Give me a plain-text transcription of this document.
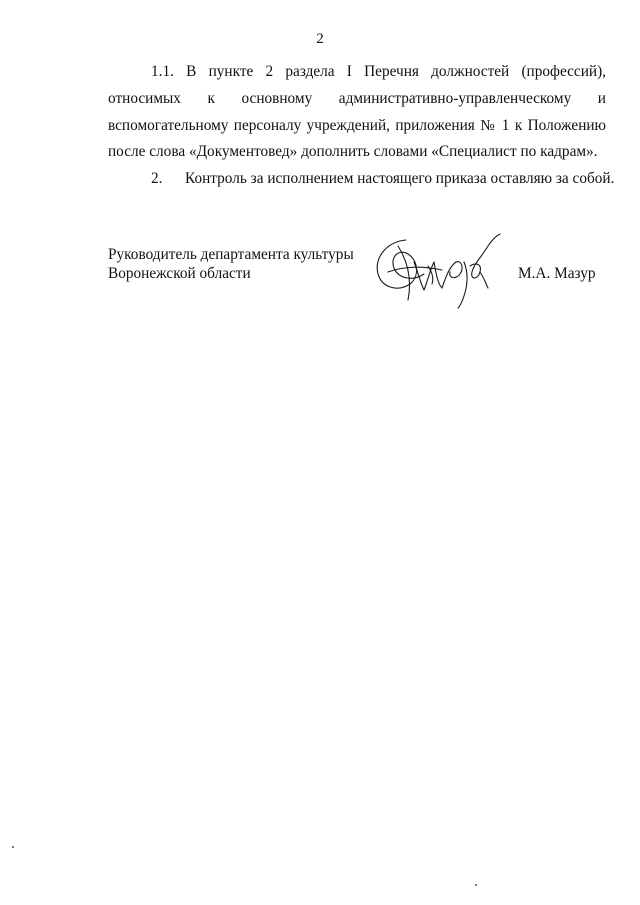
2
1.1. В пункте 2 раздела I Перечня должностей (профессий),
относимых к основному административно-управленческому и
вспомогательному персоналу учреждений, приложения № 1 к Положению
после слова «Документовед» дополнить словами «Специалист по кадрам».
2. Контроль за исполнением настоящего приказа оставляю за собой.
Руководитель департамента культуры
Воронежской области	М.А. Мазур
